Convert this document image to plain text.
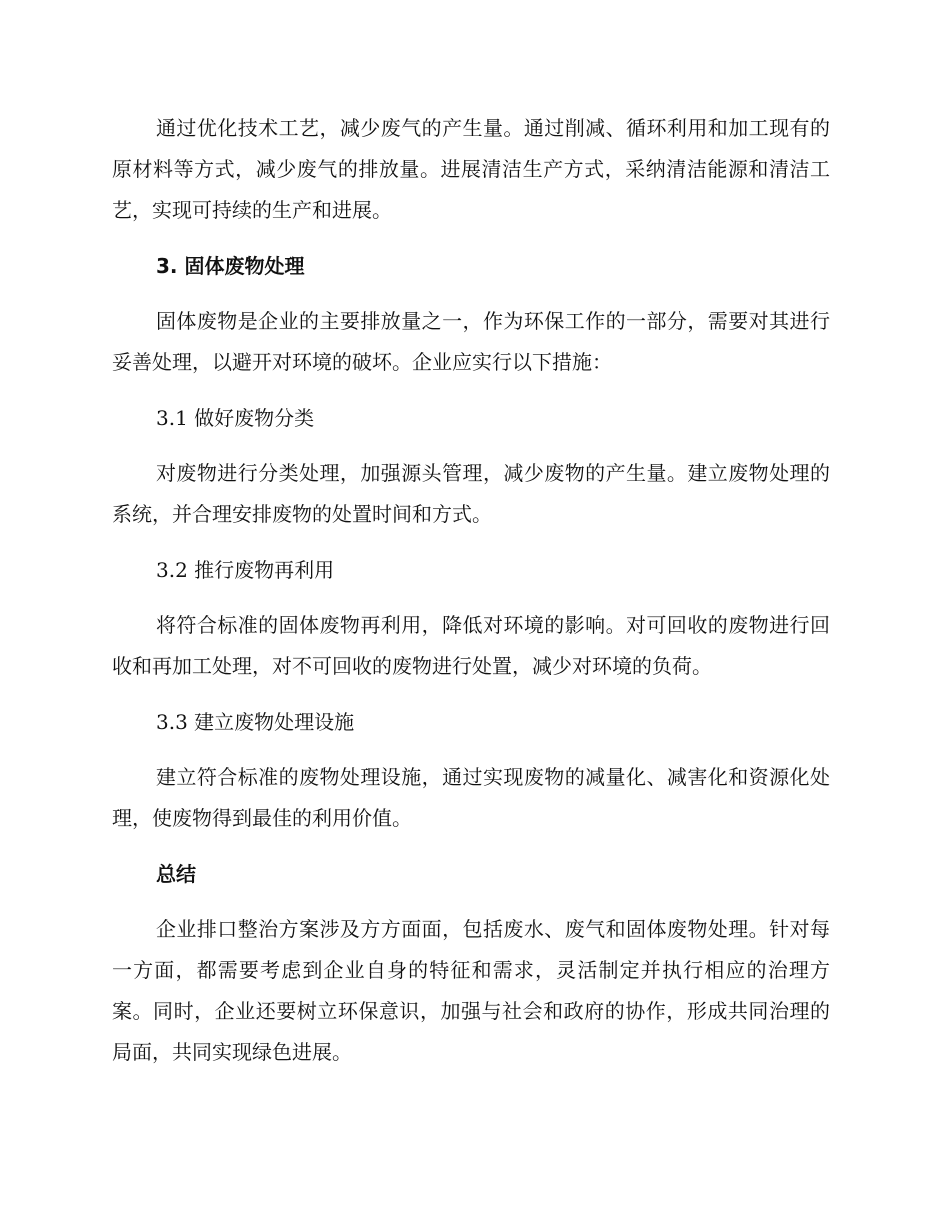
通过优化技术工艺，减少废气的产生量。通过削减、循环利用和加工现有的原材料等方式，减少废气的排放量。进展清洁生产方式，采纳清洁能源和清洁工艺，实现可持续的生产和进展。

3. 固体废物处理

固体废物是企业的主要排放量之一，作为环保工作的一部分，需要对其进行妥善处理，以避开对环境的破坏。企业应实行以下措施：

3.1 做好废物分类

对废物进行分类处理，加强源头管理，减少废物的产生量。建立废物处理的系统，并合理安排废物的处置时间和方式。

3.2 推行废物再利用

将符合标准的固体废物再利用，降低对环境的影响。对可回收的废物进行回收和再加工处理，对不可回收的废物进行处置，减少对环境的负荷。

3.3 建立废物处理设施

建立符合标准的废物处理设施，通过实现废物的减量化、减害化和资源化处理，使废物得到最佳的利用价值。

总结

企业排口整治方案涉及方方面面，包括废水、废气和固体废物处理。针对每一方面，都需要考虑到企业自身的特征和需求，灵活制定并执行相应的治理方案。同时，企业还要树立环保意识，加强与社会和政府的协作，形成共同治理的局面，共同实现绿色进展。
